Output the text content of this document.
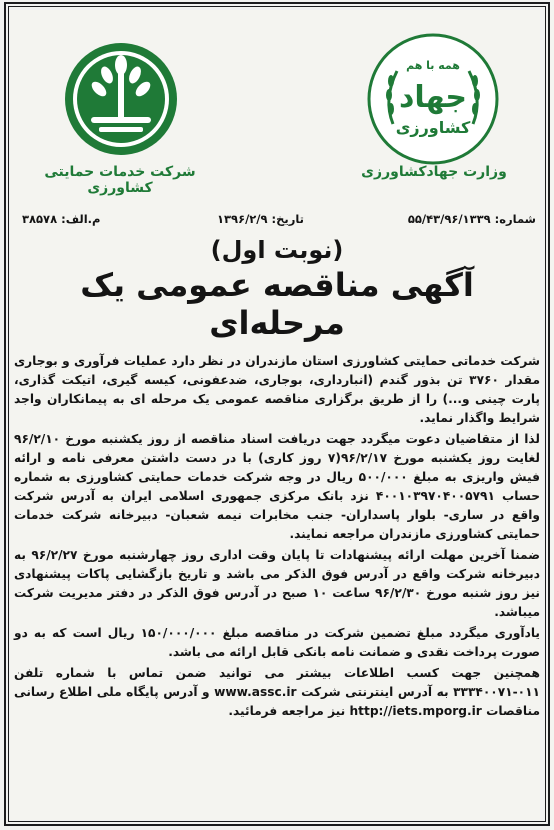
شرکت خدمات حمایتی کشاورزی
همه با هم
جهاد
کشاورزی
وزارت جهادکشاورزی
شماره: ۵۵/۴۳/۹۶/۱۳۳۹
تاریخ: ۱۳۹۶/۲/۹
م.الف: ۳۸۵۷۸
(نوبت اول)
آگهی مناقصه عمومی یک مرحله‌ای

شرکت خدماتی حمایتی کشاورزی استان مازندران در نظر دارد عملیات فرآوری و بوجاری مقدار ۳۷۶۰ تن بذور گندم (انبارداری، بوجاری، ضدعفونی، کیسه گیری، اتیکت گذاری، پارت چینی و...) را از طریق برگزاری مناقصه عمومی یک مرحله ای به پیمانکاران واجد شرایط واگذار نماید.

لذا از متقاضیان دعوت میگردد جهت دریافت اسناد مناقصه از روز یکشنبه مورخ ۹۶/۲/۱۰ لغایت روز یکشنبه مورخ ۹۶/۲/۱۷(۷ روز کاری) با در دست داشتن معرفی نامه و ارائه فیش واریزی به مبلغ ۵۰۰/۰۰۰ ریال در وجه شرکت خدمات حمایتی کشاورزی به شماره حساب ۴۰۰۱۰۳۹۷۰۴۰۰۵۷۹۱ نزد بانک مرکزی جمهوری اسلامی ایران به آدرس شرکت واقع در ساری- بلوار پاسداران- جنب مخابرات نیمه شعبان- دبیرخانه شرکت خدمات حمایتی کشاورزی مازندران مراجعه نمایند.

ضمنا آخرین مهلت ارائه پیشنهادات تا پایان وقت اداری روز چهارشنبه مورخ ۹۶/۲/۲۷ به دبیرخانه شرکت واقع در آدرس فوق الذکر می باشد و تاریخ بازگشایی پاکات پیشنهادی نیز روز شنبه مورخ ۹۶/۲/۳۰ ساعت ۱۰ صبح در آدرس فوق الذکر در دفتر مدیریت شرکت میباشد.

یادآوری میگردد مبلغ تضمین شرکت در مناقصه مبلغ ۱۵۰/۰۰۰/۰۰۰ ریال است که به دو صورت پرداخت نقدی و ضمانت نامه بانکی قابل ارائه می باشد.

همچنین جهت کسب اطلاعات بیشتر می توانید ضمن تماس با شماره تلفن ۰۱۱-۳۳۳۴۰۰۷۱ به آدرس اینترنتی شرکت www.assc.ir و آدرس پایگاه ملی اطلاع رسانی مناقصات http://iets.mporg.ir نیز مراجعه فرمائید.
